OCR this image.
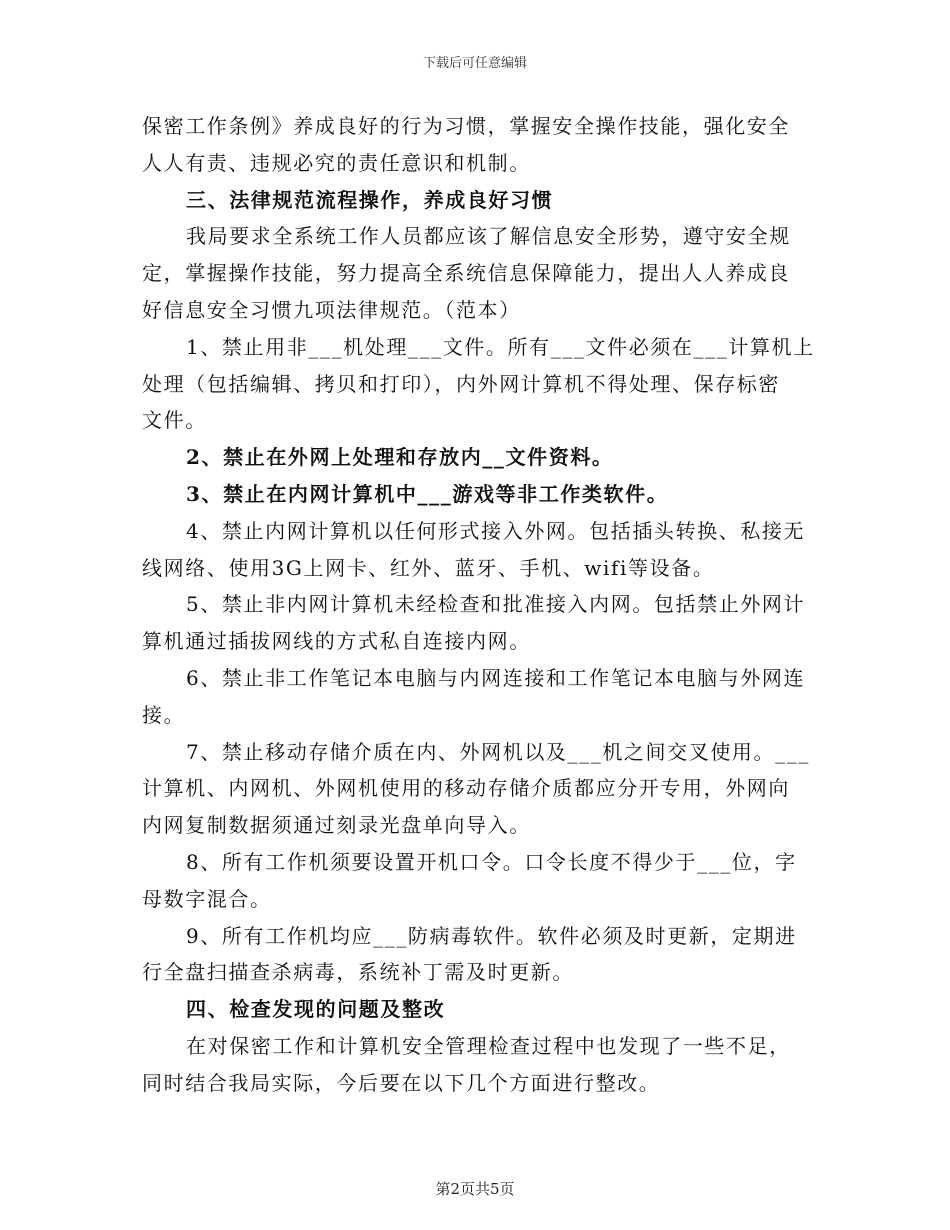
下载后可任意编辑

保密工作条例》养成良好的行为习惯，掌握安全操作技能，强化安全

人人有责、违规必究的责任意识和机制。

三、法律规范流程操作，养成良好习惯

我局要求全系统工作人员都应该了解信息安全形势，遵守安全规

定，掌握操作技能，努力提高全系统信息保障能力，提出人人养成良

好信息安全习惯九项法律规范。（范本）

1、禁止用非___机处理___文件。所有___文件必须在___计算机上

处理（包括编辑、拷贝和打印），内外网计算机不得处理、保存标密

文件。

2、禁止在外网上处理和存放内__文件资料。

3、禁止在内网计算机中___游戏等非工作类软件。

4、禁止内网计算机以任何形式接入外网。包括插头转换、私接无

线网络、使用3G上网卡、红外、蓝牙、手机、wifi等设备。

5、禁止非内网计算机未经检查和批准接入内网。包括禁止外网计

算机通过插拔网线的方式私自连接内网。

6、禁止非工作笔记本电脑与内网连接和工作笔记本电脑与外网连

接。

7、禁止移动存储介质在内、外网机以及___机之间交叉使用。___

计算机、内网机、外网机使用的移动存储介质都应分开专用，外网向

内网复制数据须通过刻录光盘单向导入。

8、所有工作机须要设置开机口令。口令长度不得少于___位，字

母数字混合。

9、所有工作机均应___防病毒软件。软件必须及时更新，定期进

行全盘扫描查杀病毒，系统补丁需及时更新。

四、检查发现的问题及整改

在对保密工作和计算机安全管理检查过程中也发现了一些不足，

同时结合我局实际，今后要在以下几个方面进行整改。

第2页共5页
